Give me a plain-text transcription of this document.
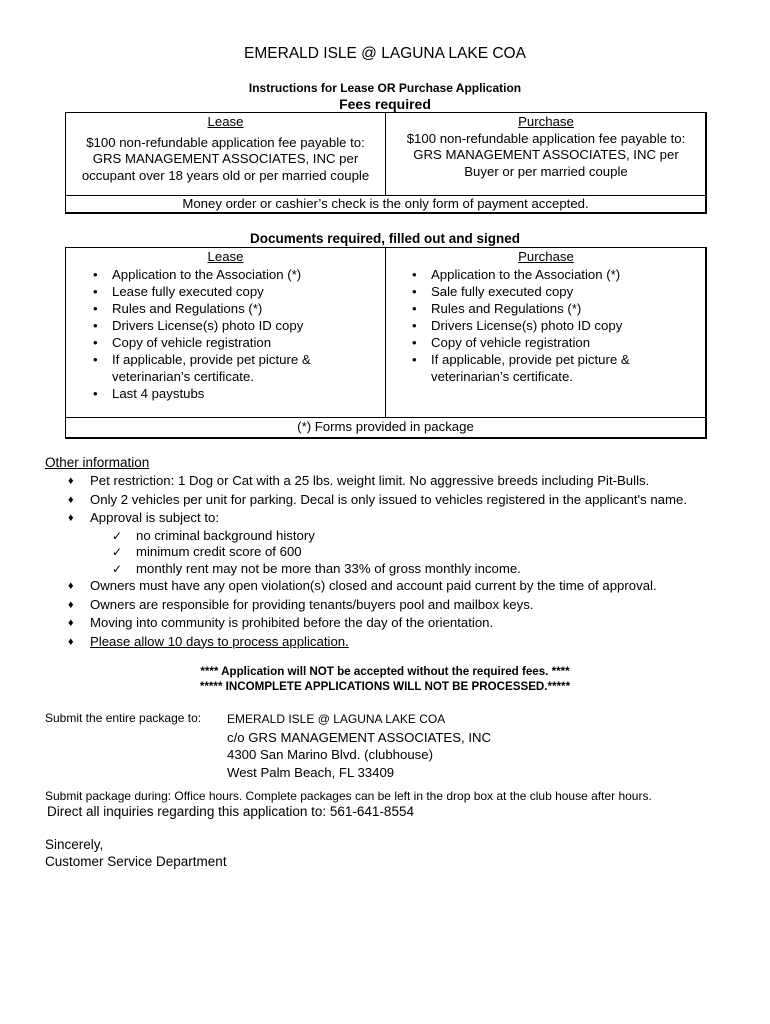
EMERALD ISLE @ LAGUNA LAKE COA
Instructions for Lease OR Purchase Application
Fees required
Lease
$100 non-refundable application fee payable to:
GRS MANAGEMENT ASSOCIATES, INC per
occupant over 18 years old or per married couple
Purchase
$100 non-refundable application fee payable to:
GRS MANAGEMENT ASSOCIATES, INC per
Buyer or per married couple
Money order or cashier’s check is the only form of payment accepted.
Documents required, filled out and signed
Lease	Purchase
• Application to the Association (*)
• Lease fully executed copy
• Rules and Regulations (*)
• Drivers License(s) photo ID copy
• Copy of vehicle registration
• If applicable, provide pet picture & veterinarian’s certificate.
• Last 4 paystubs
• Application to the Association (*)
• Sale fully executed copy
• Rules and Regulations (*)
• Drivers License(s) photo ID copy
• Copy of vehicle registration
• If applicable, provide pet picture & veterinarian’s certificate.
(*) Forms provided in package
Other information
♦ Pet restriction: 1 Dog or Cat with a 25 lbs. weight limit. No aggressive breeds including Pit-Bulls.
♦ Only 2 vehicles per unit for parking. Decal is only issued to vehicles registered in the applicant's name.
♦ Approval is subject to:
✓ no criminal background history
✓ minimum credit score of 600
✓ monthly rent may not be more than 33% of gross monthly income.
♦ Owners must have any open violation(s) closed and account paid current by the time of approval.
♦ Owners are responsible for providing tenants/buyers pool and mailbox keys.
♦ Moving into community is prohibited before the day of the orientation.
♦ Please allow 10 days to process application.
**** Application will NOT be accepted without the required fees. ****
***** INCOMPLETE APPLICATIONS WILL NOT BE PROCESSED.*****
Submit the entire package to: EMERALD ISLE @ LAGUNA LAKE COA
c/o GRS MANAGEMENT ASSOCIATES, INC
4300 San Marino Blvd. (clubhouse)
West Palm Beach, FL 33409
Submit package during: Office hours. Complete packages can be left in the drop box at the club house after hours.
Direct all inquiries regarding this application to: 561-641-8554
Sincerely,
Customer Service Department
